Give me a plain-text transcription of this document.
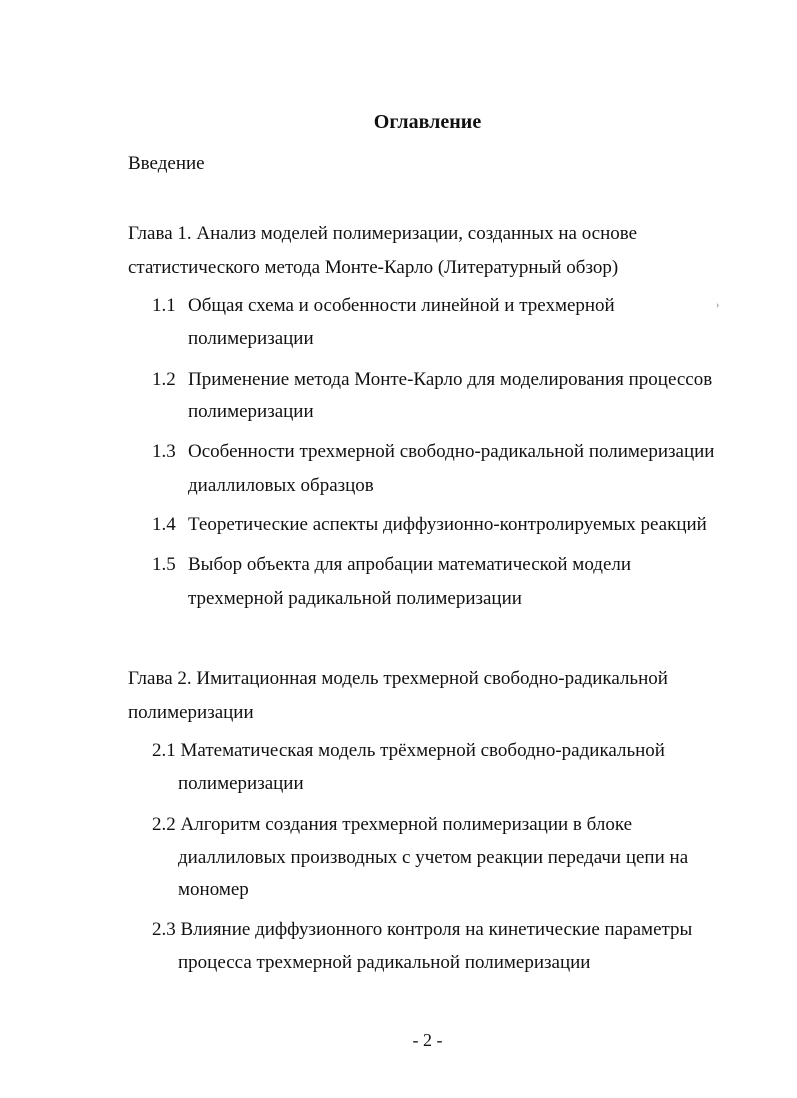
Оглавление
Введение
Глава 1. Анализ моделей полимеризации, созданных на основе
статистического метода Монте-Карло (Литературный обзор)
1.1 Общая схема и особенности линейной и трехмерной
полимеризации
1.2 Применение метода Монте-Карло для моделирования процессов
полимеризации
1.3 Особенности трехмерной свободно-радикальной полимеризации
диаллиловых образцов
1.4 Теоретические аспекты диффузионно-контролируемых реакций
1.5 Выбор объекта для апробации математической модели
трехмерной радикальной полимеризации
Глава 2. Имитационная модель трехмерной свободно-радикальной
полимеризации
2.1 Математическая модель трёхмерной свободно-радикальной
полимеризации
2.2 Алгоритм создания трехмерной полимеризации в блоке
диаллиловых производных с учетом реакции передачи цепи на
мономер
2.3 Влияние диффузионного контроля на кинетические параметры
процесса трехмерной радикальной полимеризации
›
- 2 -
